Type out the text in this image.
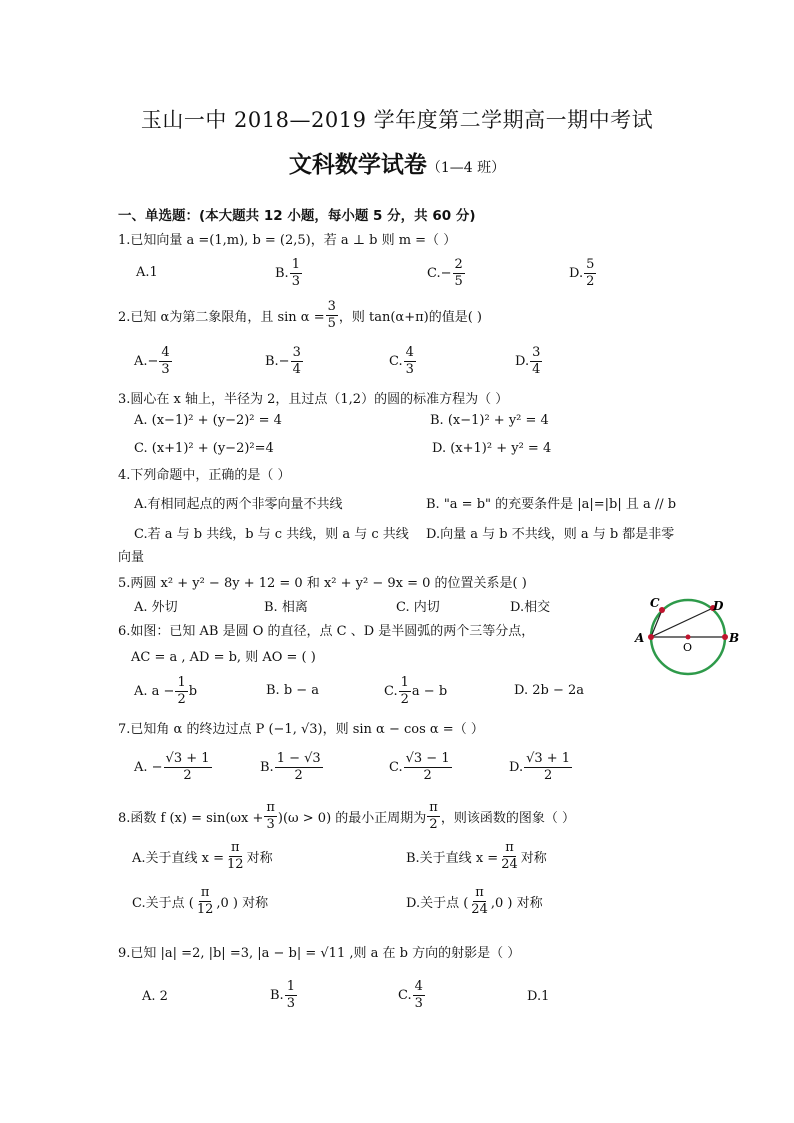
玉山一中 2018—2019 学年度第二学期高一期中考试
文科数学试卷（1—4 班）
一、单选题：(本大题共 12 小题，每小题 5 分，共 60 分)
1.已知向量 a =(1,m), b = (2,5)，若 a ⊥ b 则 m =（ ）
A.1	B. $\frac{1}{3}$	$C.- \frac{2}{5}$	D. $\frac{5}{2}$
2.已知 α为第二象限角，且 $\sin \alpha = \frac{3}{5}$ ，则 tan(α+π)的值是( )
$A.- \frac{4}{3}$	$B.- \frac{3}{4}$	C. $\frac{4}{3}$	D. $\frac{3}{4}$
3.圆心在 x 轴上，半径为 2，且过点（1,2）的圆的标准方程为（ ）
A. (x−1)² + (y−2)² = 4	B. (x−1)² + y² = 4
C. (x+1)² + (y−2)²=4	D. (x+1)² + y² = 4
4.下列命题中，正确的是（ ）
A.有相同起点的两个非零向量不共线	B. "a = b" 的充要条件是 |a|=|b| 且 a // b
C.若 a 与 b 共线，b 与 c 共线，则 a 与 c 共线 D.向量 a 与 b 不共线，则 a 与 b 都是非零
向量
5.两圆 x² + y² − 8y + 12 = 0 和 x² + y² − 9x = 0 的位置关系是( )
A. 外切	B. 相离	C. 内切	D.相交
6.如图：已知 AB 是圆 O 的直径，点 C 、D 是半圆弧的两个三等分点，
AC = a , AD = b, 则 AO = ( )
A. $a - \frac{1}{2}$ b	B. b − a	C. $\frac{1}{2}$ a − b	D. 2b − 2a
A	B
C	D
O
7.已知角 α 的终边过点 P (−1, √3)，则 sin α − cos α =（ ）
A. − $\frac{√3 + 1}{2}$	B. $\frac{1 - √3}{2}$	C. $\frac{√3 - 1}{2}$	D. $\frac{√3 + 1}{2}$
8.函数 f $(x) = \sin(\omega x + \frac{\pi}{3} )(\omega > 0)$ 的最小正周期为 $\frac{\pi}{2}$ ，则该函数的图象（ ）
A.关于直线 $x = \frac{\pi}{12}$ 对称	B.关于直线 $x = \frac{\pi}{24}$ 对称
C.关于点 ( $\frac{\pi}{12} ,0$ ) 对称	D.关于点 ( $\frac{\pi}{24} ,0$ ) 对称
9.已知 |a| =2, |b| =3, |a − b| = √11 ,则 a 在 b 方向的射影是（ ）
A. 2	B. $\frac{1}{3}$	C. $\frac{4}{3}$	D.1
